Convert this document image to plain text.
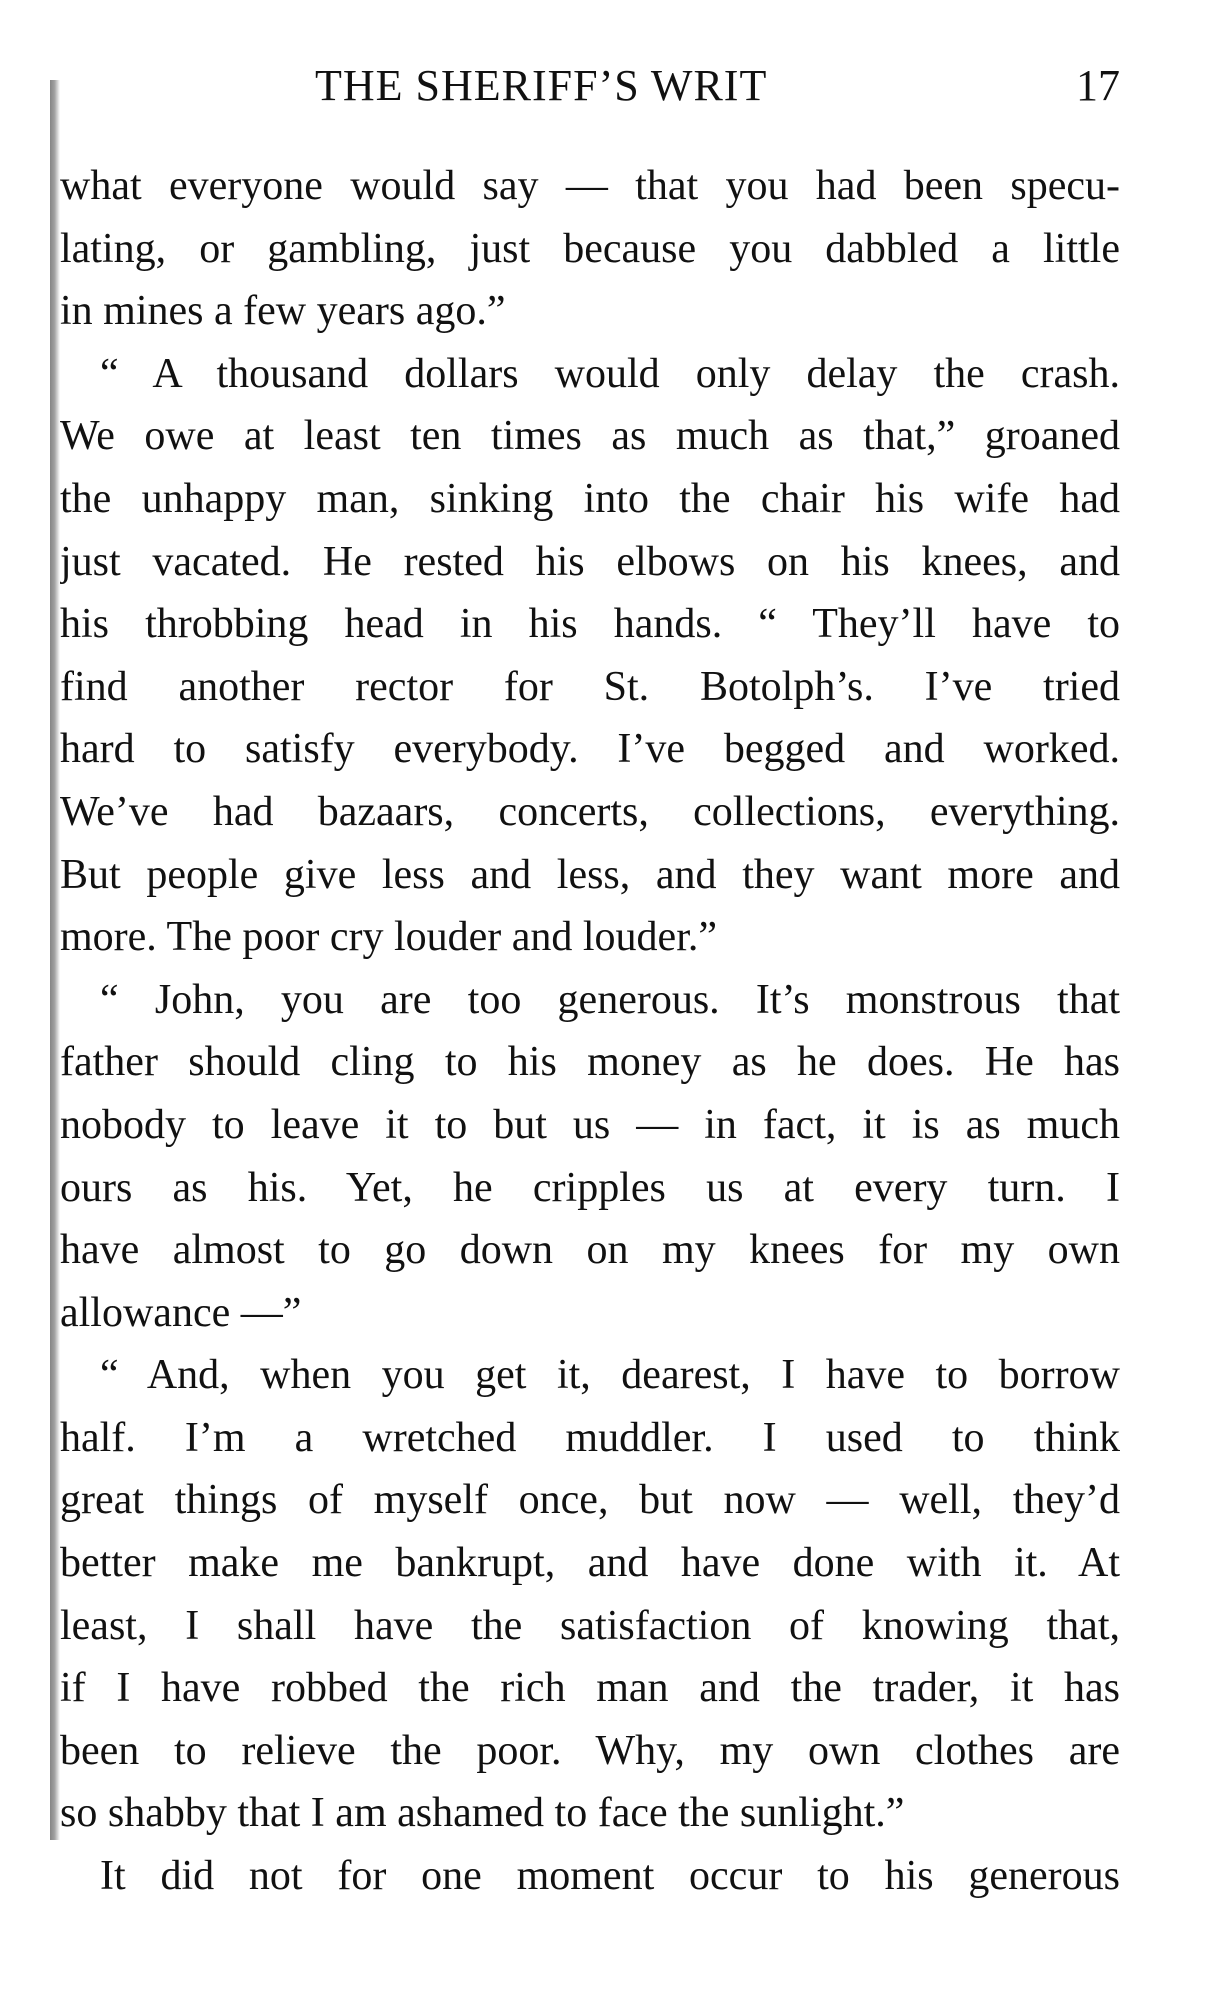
THE SHERIFF’S WRIT	17
what everyone would say — that you had been specu-
lating, or gambling, just because you dabbled a little
in mines a few years ago.”
“ A thousand dollars would only delay the crash.
We owe at least ten times as much as that,” groaned
the unhappy man, sinking into the chair his wife had
just vacated. He rested his elbows on his knees, and
his throbbing head in his hands. “ They’ll have to
find another rector for St. Botolph’s. I’ve tried
hard to satisfy everybody. I’ve begged and worked.
We’ve had bazaars, concerts, collections, everything.
But people give less and less, and they want more and
more. The poor cry louder and louder.”
“ John, you are too generous. It’s monstrous that
father should cling to his money as he does. He has
nobody to leave it to but us — in fact, it is as much
ours as his. Yet, he cripples us at every turn. I
have almost to go down on my knees for my own
allowance —”
“ And, when you get it, dearest, I have to borrow
half. I’m a wretched muddler. I used to think
great things of myself once, but now — well, they’d
better make me bankrupt, and have done with it. At
least, I shall have the satisfaction of knowing that,
if I have robbed the rich man and the trader, it has
been to relieve the poor. Why, my own clothes are
so shabby that I am ashamed to face the sunlight.”
It did not for one moment occur to his generous
